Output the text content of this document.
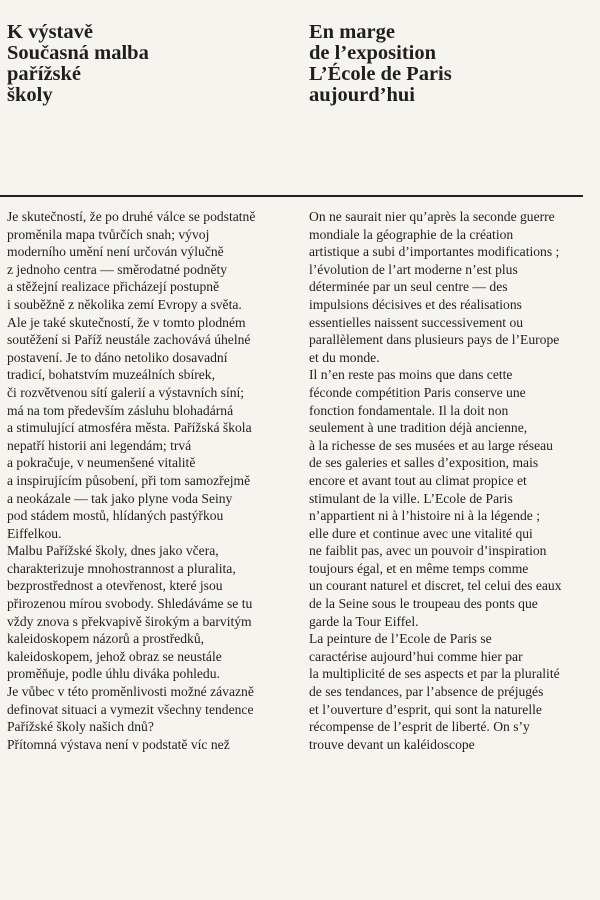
K výstavě
Současná malba
pařížské
školy
En marge
de l’exposition
L’École de Paris
aujourd’hui
Je skutečností, že po druhé válce se podstatně
proměnila mapa tvůrčích snah; vývoj
moderního umění není určován výlučně
z jednoho centra — směrodatné podněty
a stěžejní realizace přicházejí postupně
i souběžně z několika zemí Evropy a světa.
Ale je také skutečností, že v tomto plodném
soutěžení si Paříž neustále zachovává úhelné
postavení. Je to dáno netoliko dosavadní
tradicí, bohatstvím muzeálních sbírek,
či rozvětvenou sítí galerií a výstavních síní;
má na tom především zásluhu blohadárná
a stimulující atmosféra města. Pařížská škola
nepatří historii ani legendám; trvá
a pokračuje, v neumenšené vitalitě
a inspirujícím působení, při tom samozřejmě
a neokázale — tak jako plyne voda Seiny
pod stádem mostů, hlídaných pastýřkou
Eiffelkou.
Malbu Pařížské školy, dnes jako včera,
charakterizuje mnohostrannost a pluralita,
bezprostřednost a otevřenost, které jsou
přirozenou mírou svobody. Shledáváme se tu
vždy znova s překvapivě širokým a barvitým
kaleidoskopem názorů a prostředků,
kaleidoskopem, jehož obraz se neustále
proměňuje, podle úhlu diváka pohledu.
Je vůbec v této proměnlivosti možné závazně
definovat situaci a vymezit všechny tendence
Pařížské školy našich dnů?
Přítomná výstava není v podstatě víc než
On ne saurait nier qu’après la seconde guerre
mondiale la géographie de la création
artistique a subi d’importantes modifications ;
l’évolution de l’art moderne n’est plus
déterminée par un seul centre — des
impulsions décisives et des réalisations
essentielles naissent successivement ou
parallèlement dans plusieurs pays de l’Europe
et du monde.
Il n’en reste pas moins que dans cette
féconde compétition Paris conserve une
fonction fondamentale. Il la doit non
seulement à une tradition déjà ancienne,
à la richesse de ses musées et au large réseau
de ses galeries et salles d’exposition, mais
encore et avant tout au climat propice et
stimulant de la ville. L’Ecole de Paris
n’appartient ni à l’histoire ni à la légende ;
elle dure et continue avec une vitalité qui
ne faiblit pas, avec un pouvoir d’inspiration
toujours égal, et en même temps comme
un courant naturel et discret, tel celui des eaux
de la Seine sous le troupeau des ponts que
garde la Tour Eiffel.
La peinture de l’Ecole de Paris se
caractérise aujourd’hui comme hier par
la multiplicité de ses aspects et par la pluralité
de ses tendances, par l’absence de préjugés
et l’ouverture d’esprit, qui sont la naturelle
récompense de l’esprit de liberté. On s’y
trouve devant un kaléidoscope
